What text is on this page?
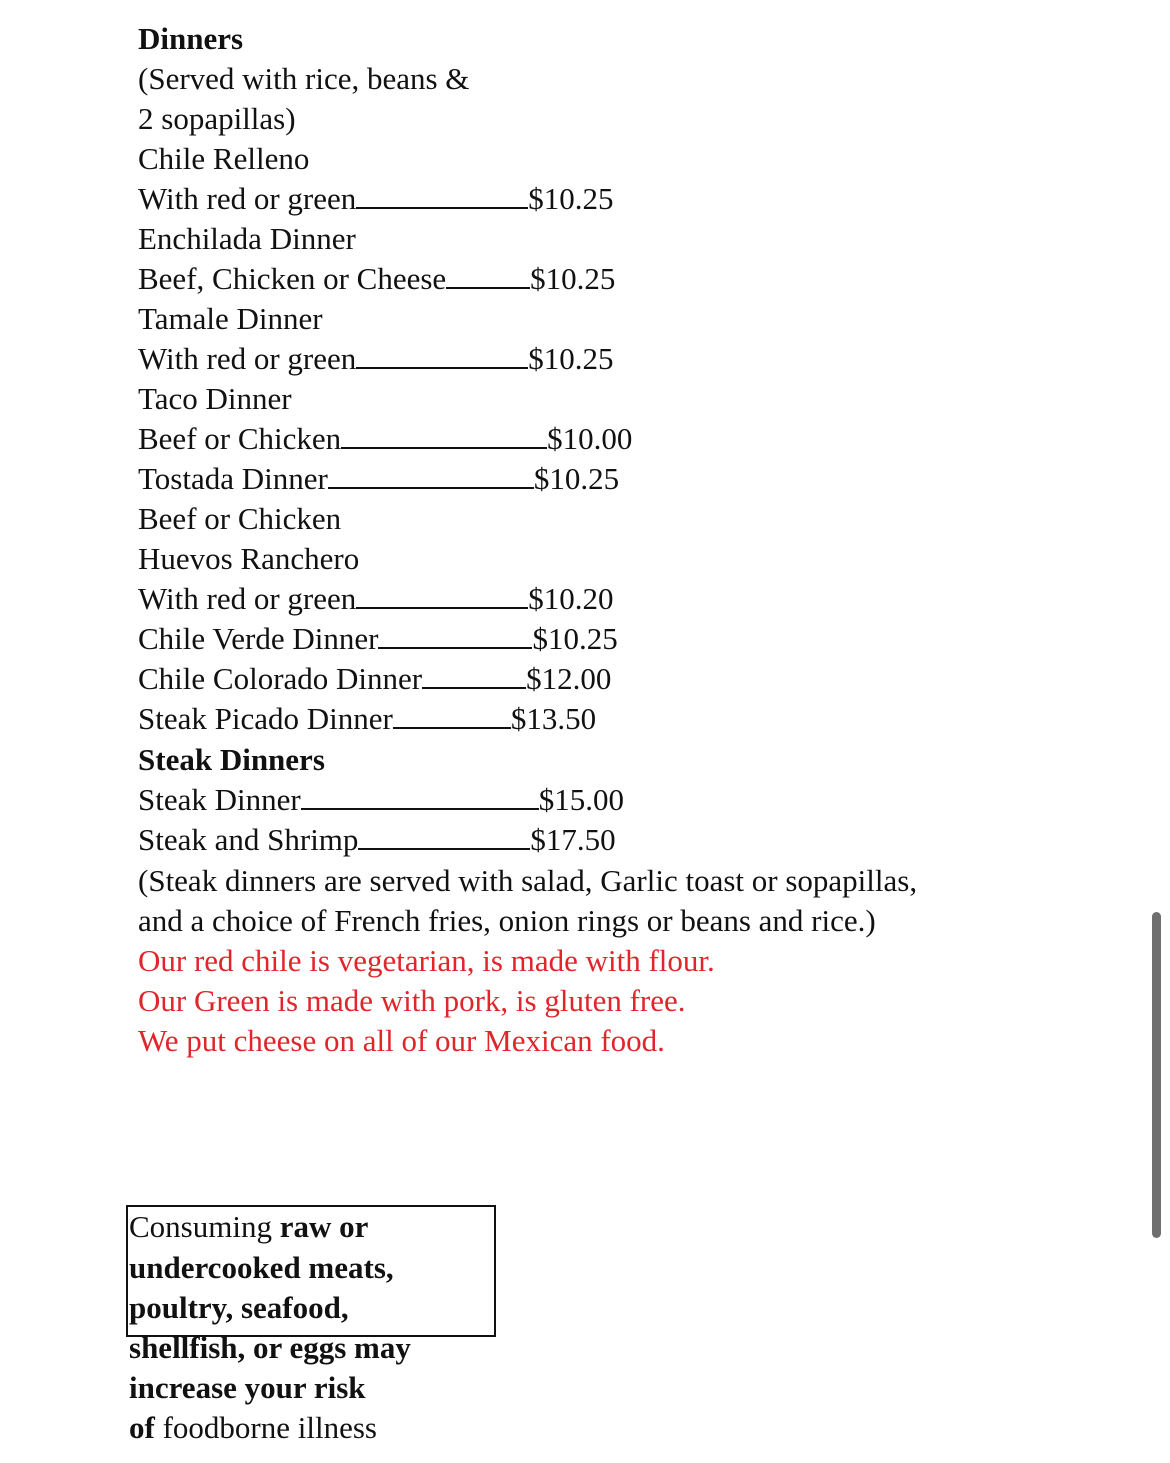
Dinners
(Served with rice, beans &
2 sopapillas)
Chile Relleno
With red or green	$10.25
Enchilada Dinner
Beef, Chicken or Cheese	$10.25
Tamale Dinner
With red or green	$10.25
Taco Dinner
Beef or Chicken	$10.00
Tostada Dinner	$10.25
Beef or Chicken
Huevos Ranchero
With red or green	$10.20
Chile Verde Dinner	$10.25
Chile Colorado Dinner	$12.00
Steak Picado Dinner	$13.50
Steak Dinners
Steak Dinner	$15.00
Steak and Shrimp	$17.50
(Steak dinners are served with salad, Garlic toast or sopapillas,
and a choice of French fries, onion rings or beans and rice.)
Our red chile is vegetarian, is made with flour.
Our Green is made with pork, is gluten free.
We put cheese on all of our Mexican food.
Consuming raw or
undercooked meats,
poultry, seafood,
shellfish, or eggs may
increase your risk
of foodborne illness
